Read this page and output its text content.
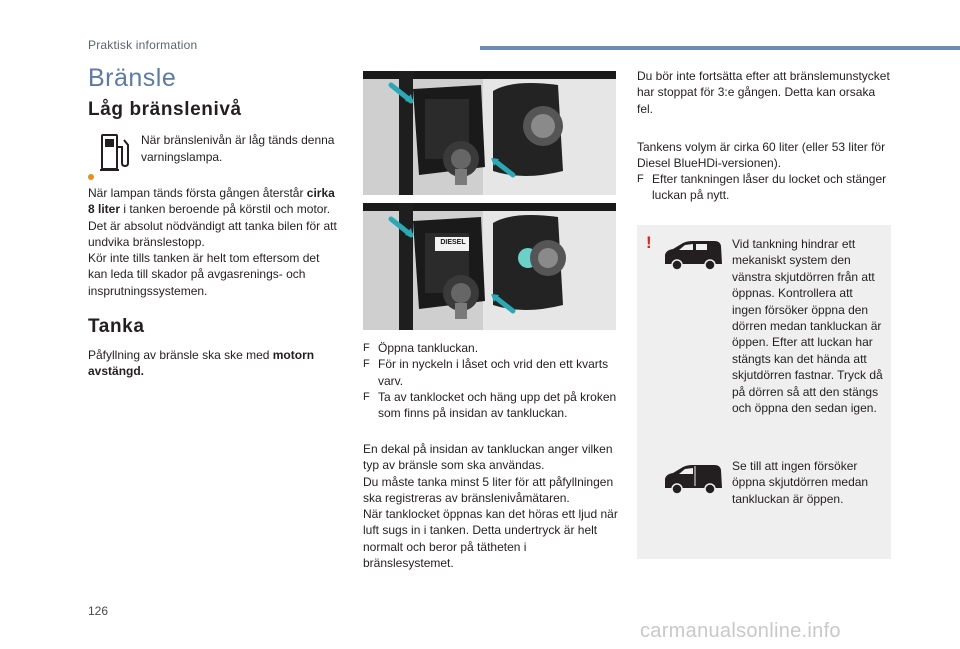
Praktisk information
Bränsle
Låg bränslenivå
När bränslenivån är låg tänds denna varningslampa.

När lampan tänds första gången återstår cirka 8 liter i tanken beroende på körstil och motor.

Det är absolut nödvändigt att tanka bilen för att undvika bränslestopp.

Kör inte tills tanken är helt tom eftersom det kan leda till skador på avgasrenings- och insprutningssystemen.

Tanka

Påfyllning av bränsle ska ske med motorn avstängd.

DIESEL
F Öppna tankluckan.
F För in nyckeln i låset och vrid den ett kvarts varv.
F Ta av tanklocket och häng upp det på kroken som finns på insidan av tankluckan.

En dekal på insidan av tankluckan anger vilken typ av bränsle som ska användas.

Du måste tanka minst 5 liter för att påfyllningen ska registreras av bränslenivåmätaren.

När tanklocket öppnas kan det höras ett ljud när luft sugs in i tanken. Detta undertryck är helt normalt och beror på tätheten i bränslesystemet.

Du bör inte fortsätta efter att bränslemunstycket har stoppat för 3:e gången. Detta kan orsaka fel.
Tankens volym är cirka 60 liter (eller 53 liter för Diesel BlueHDi-versionen).
F Efter tankningen låser du locket och stänger luckan på nytt.
!	Vid tankning hindrar ett mekaniskt system den vänstra skjutdörren från att öppnas. Kontrollera att ingen försöker öppna den dörren medan tankluckan är öppen. Efter att luckan har stängts kan det hända att skjutdörren fastnar. Tryck då på dörren så att den stängs och öppna den sedan igen.
Se till att ingen försöker öppna skjutdörren medan tankluckan är öppen.
126
carmanualsonline.info
